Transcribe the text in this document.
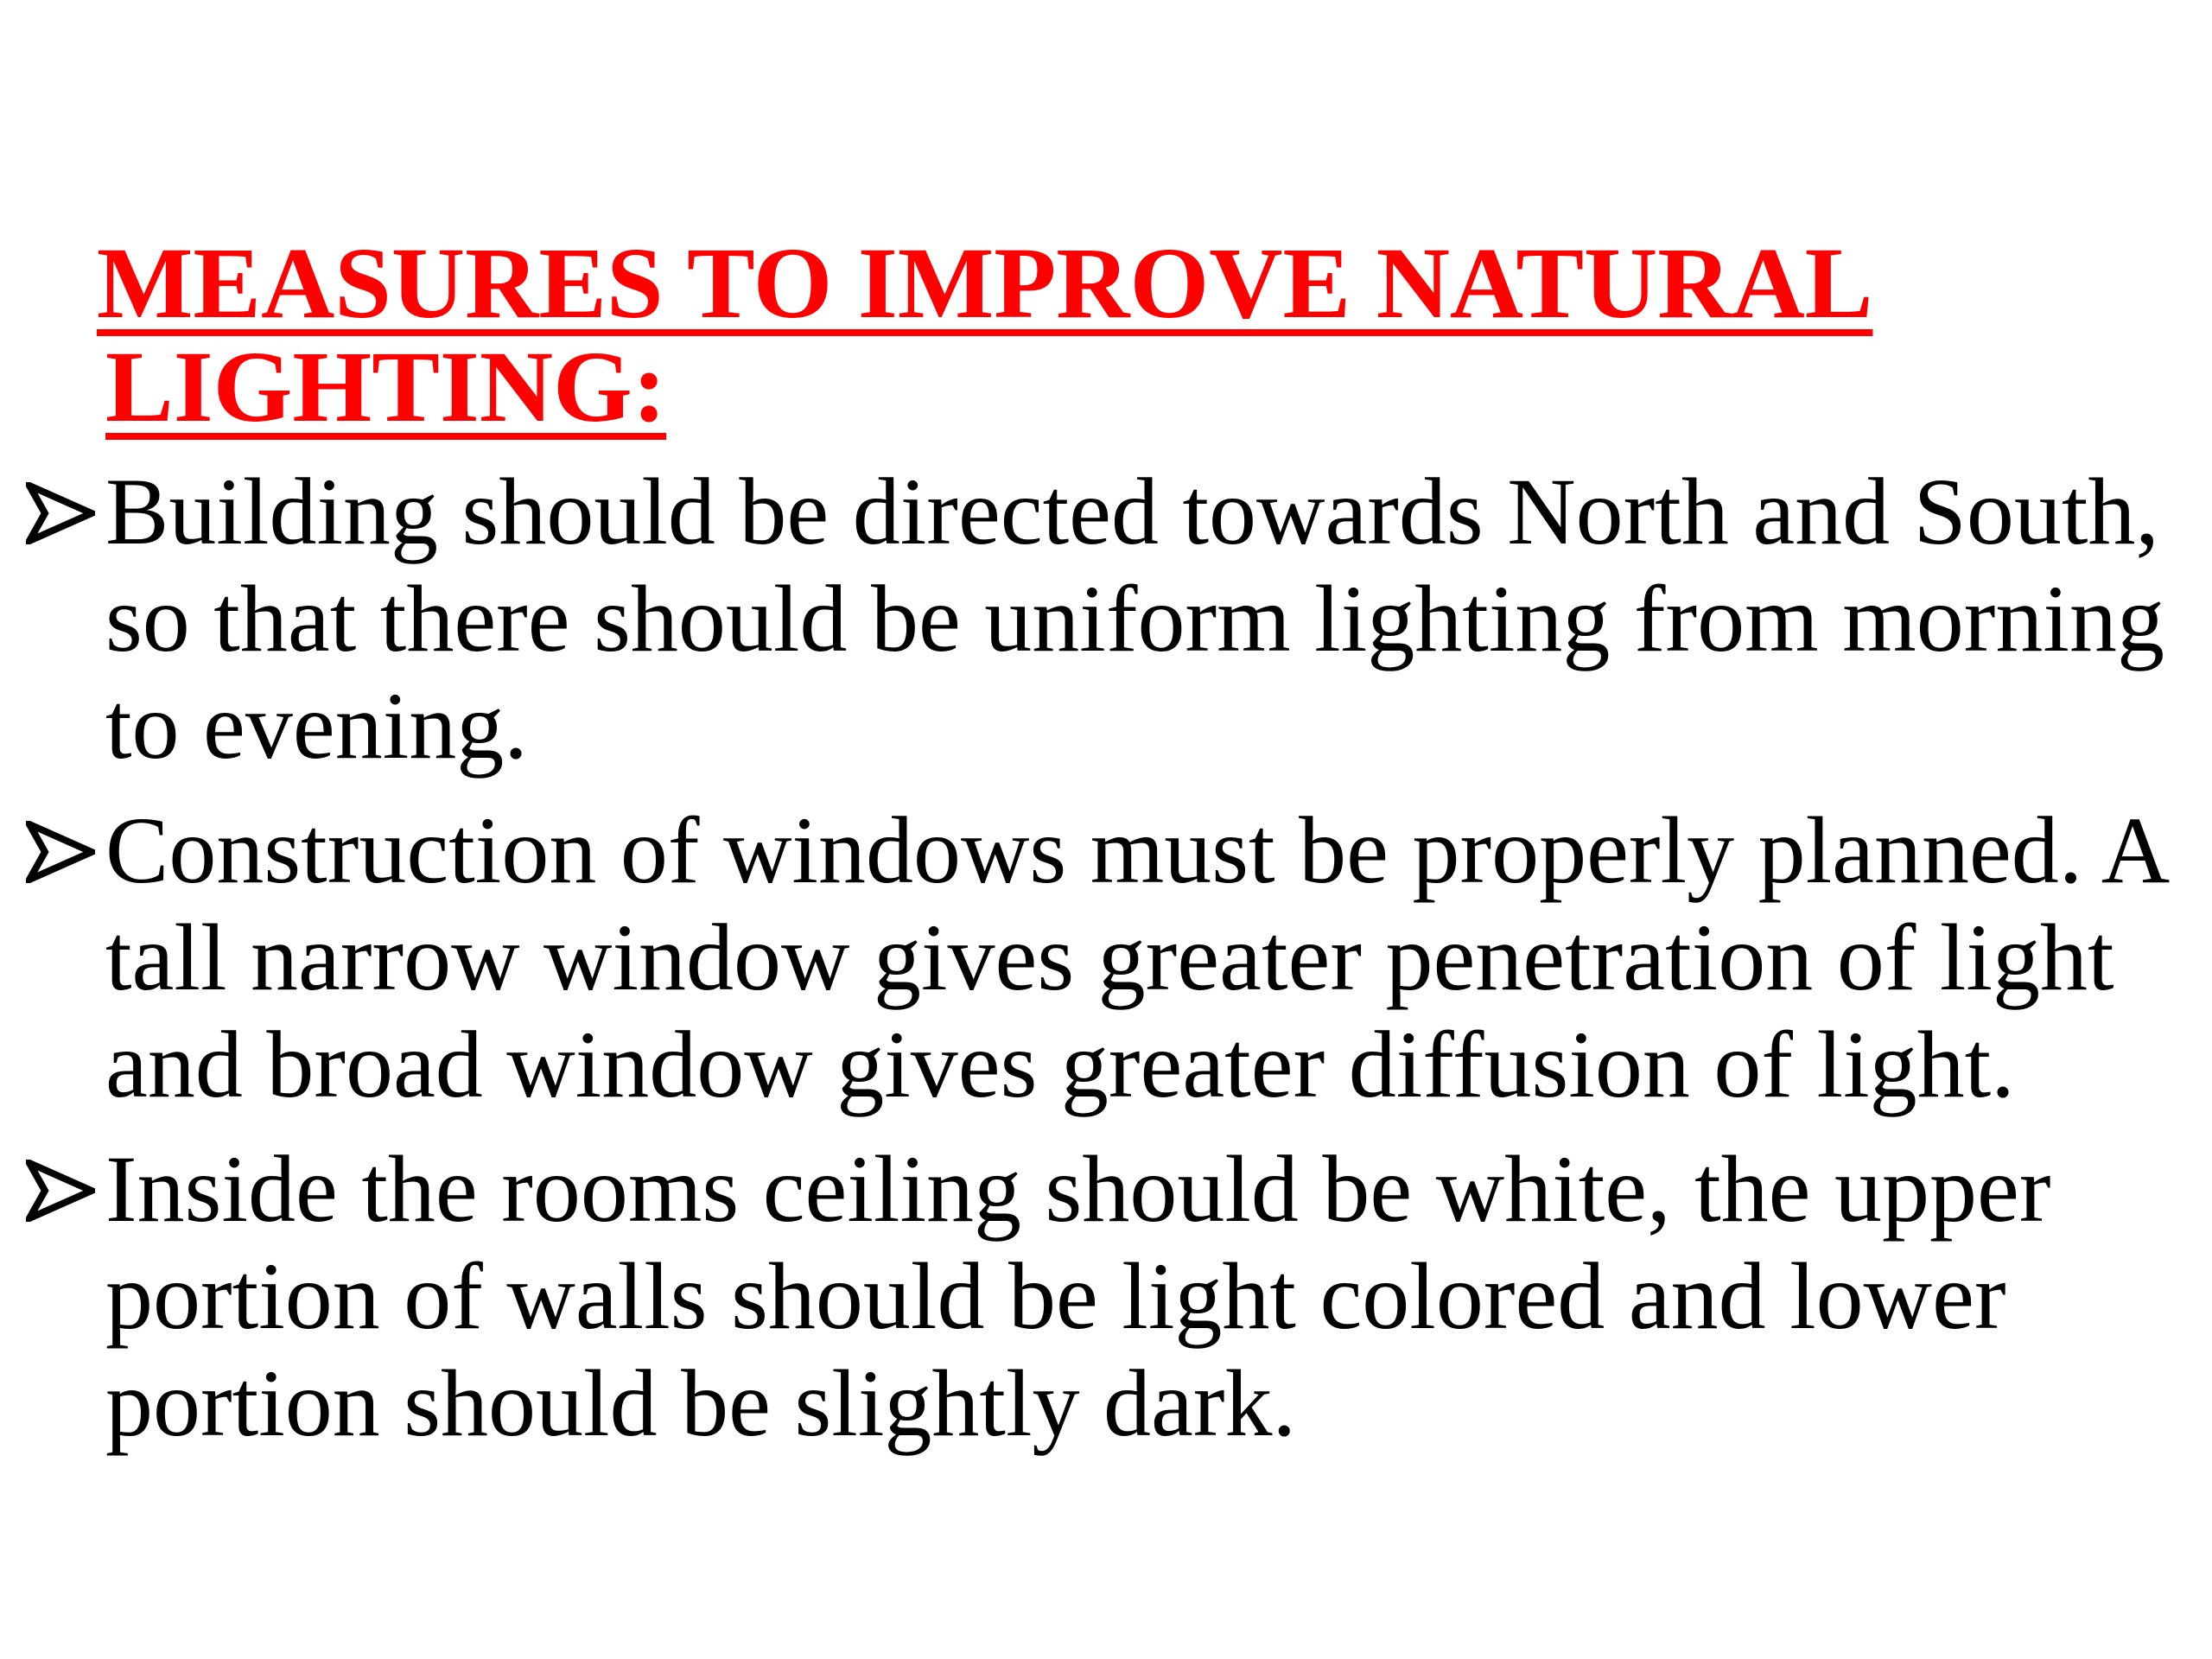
MEASURES TO IMPROVE NATURAL
LIGHTING:
Building should be directed towards North and South, so that there should be uniform lighting from morning to evening.
Construction of windows must be properly planned. A tall narrow window gives greater penetration of light and broad window gives greater diffusion of light.
Inside the rooms ceiling should be white, the upper portion of walls should be light colored and lower portion should be slightly dark.
